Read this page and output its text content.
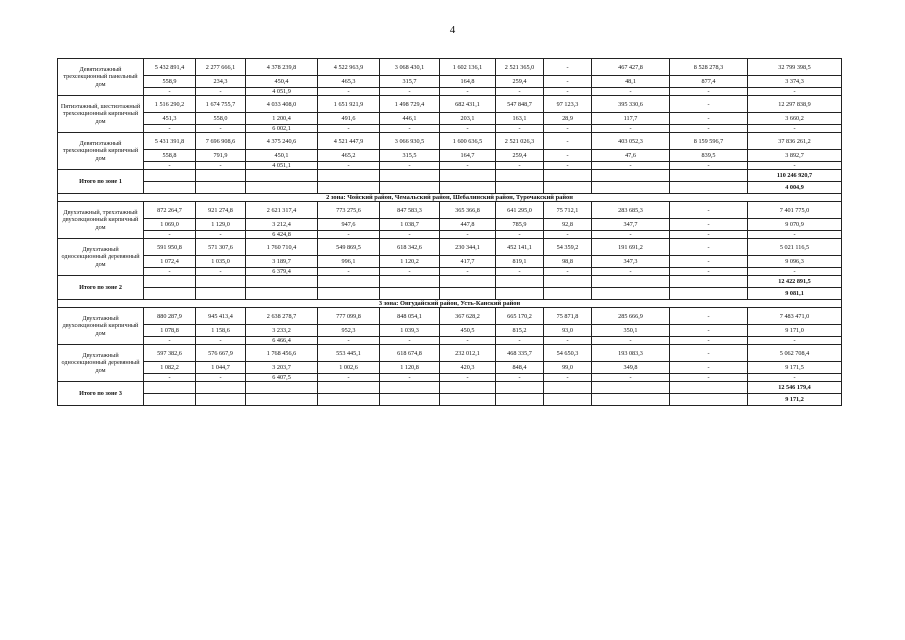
4
Девятиэтажный трехсекционный панельный дом	5 432 891,4	2 277 666,1	4 378 239,8	4 522 963,9	3 068 430,1	1 602 136,1	2 521 365,0	-	467 427,8	8 528 278,3	32 799 398,5
	558,9	234,3	450,4	465,3	315,7	164,8	259,4	-	48,1	877,4	3 374,3
	-	-	4 051,9	-	-	-	-	-	-	-	-
Пятиэтажный, шестиэтажный трехсекционный кирпичный дом	1 516 290,2	1 674 755,7	4 033 408,0	1 651 921,9	1 498 729,4	682 431,1	547 848,7	97 123,3	395 330,6	-	12 297 838,9
	451,3	558,0	1 200,4	491,6	446,1	203,1	163,1	28,9	117,7	-	3 660,2
	-	-	6 002,1	-	-	-	-	-	-	-	-
Девятиэтажный трехсекционный кирпичный дом	5 431 391,8	7 696 908,6	4 375 240,6	4 521 447,9	3 066 930,5	1 600 636,5	2 521 026,3	-	403 052,3	8 159 596,7	37 836 261,2
	558,8	791,9	450,1	465,2	315,5	164,7	259,4	-	47,6	839,5	3 892,7
	-	-	4 051,1	-	-	-	-	-	-	-	-
Итого по зоне 1											110 246 920,7
											4 004,9
2 зона: Чойский район, Чемальский район, Шебалинский район, Турочакский район											
Двухэтажный, трехэтажный двухсекционный кирпичный дом	872 264,7	921 274,8	2 621 317,4	773 275,6	847 583,3	365 366,8	641 295,0	75 712,1	283 685,3	-	7 401 775,0
	1 069,0	1 129,0	3 212,4	947,6	1 038,7	447,8	785,9	92,8	347,7	-	9 070,9
	-	-	6 424,8	-	-	-	-	-	-	-	-
Двухэтажный односекционный деревянный дом	591 950,8	571 307,6	1 760 710,4	549 869,5	618 342,6	230 344,1	452 141,1	54 359,2	191 691,2	-	5 021 116,5
	1 072,4	1 035,0	3 189,7	996,1	1 120,2	417,7	819,1	98,8	347,3	-	9 096,3
	-	-	6 379,4	-	-	-	-	-	-	-	-
Итого по зоне 2											12 422 891,5
											9 081,1
3 зона: Онгудайский район, Усть-Канский район											
Двухэтажный двухсекционный кирпичный дом	880 287,9	945 413,4	2 638 278,7	777 099,8	848 054,1	367 628,2	665 170,2	75 871,8	285 666,9	-	7 483 471,0
	1 078,8	1 158,6	3 233,2	952,3	1 039,3	450,5	815,2	93,0	350,1	-	9 171,0
	-	-	6 466,4	-	-	-	-	-	-	-	-
Двухэтажный односекционный деревянный дом	597 382,6	576 667,9	1 768 456,6	553 445,1	618 674,8	232 012,1	468 335,7	54 650,3	193 083,3	-	5 062 708,4
	1 082,2	1 044,7	3 203,7	1 002,6	1 120,8	420,3	848,4	99,0	349,8	-	9 171,5
	-	-	6 407,5	-	-	-	-	-	-	-	-
Итого по зоне 3											12 546 179,4
											9 171,2
